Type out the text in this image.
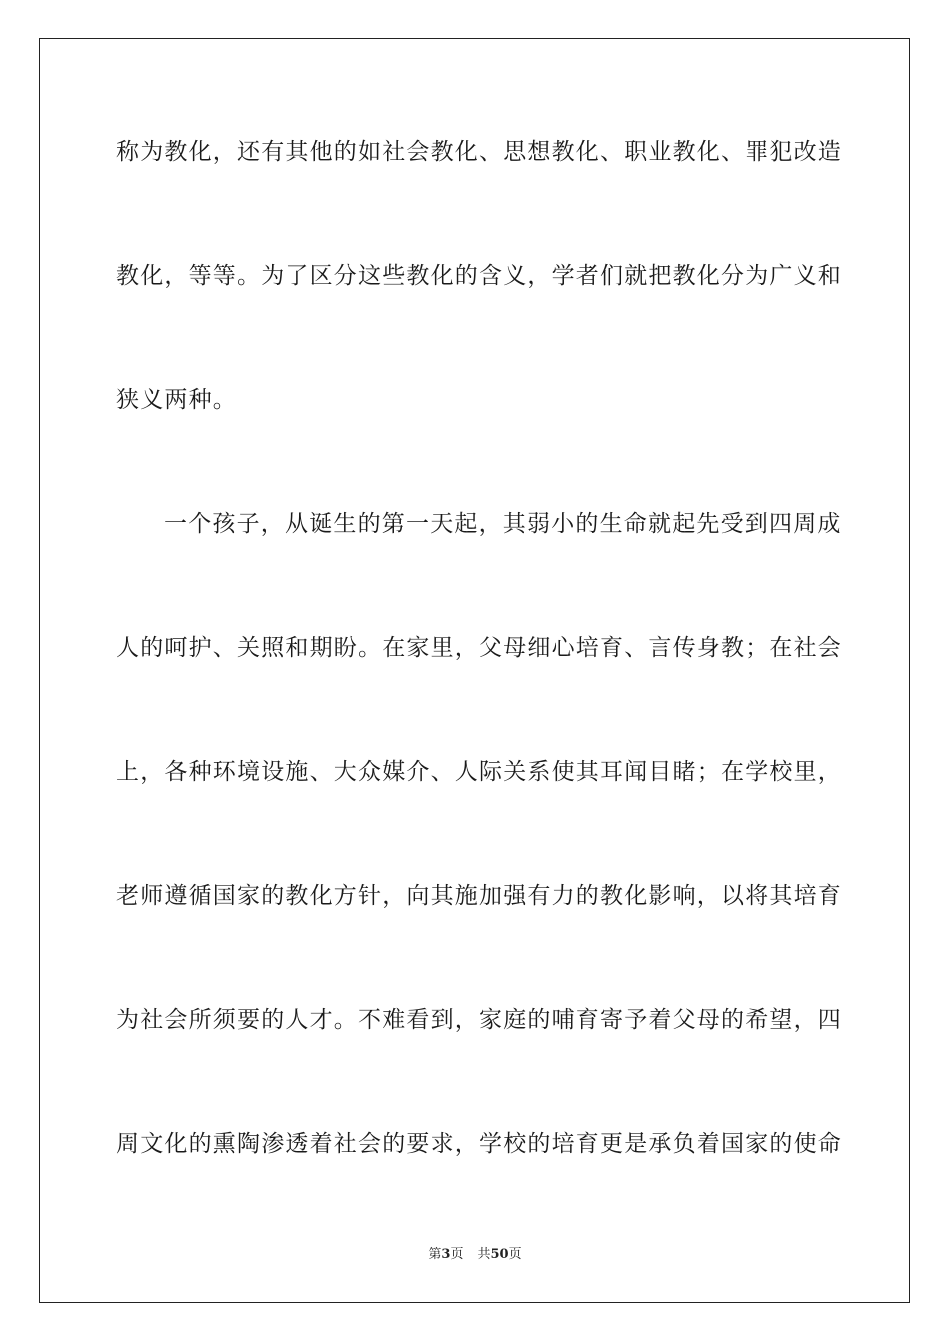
称为教化，还有其他的如社会教化、思想教化、职业教化、罪犯改造
教化，等等。为了区分这些教化的含义，学者们就把教化分为广义和
狭义两种。
一个孩子，从诞生的第一天起，其弱小的生命就起先受到四周成
人的呵护、关照和期盼。在家里，父母细心培育、言传身教；在社会
上，各种环境设施、大众媒介、人际关系使其耳闻目睹；在学校里，
老师遵循国家的教化方针，向其施加强有力的教化影响，以将其培育
为社会所须要的人才。不难看到，家庭的哺育寄予着父母的希望，四
周文化的熏陶渗透着社会的要求，学校的培育更是承负着国家的使命
第3页 共50页
